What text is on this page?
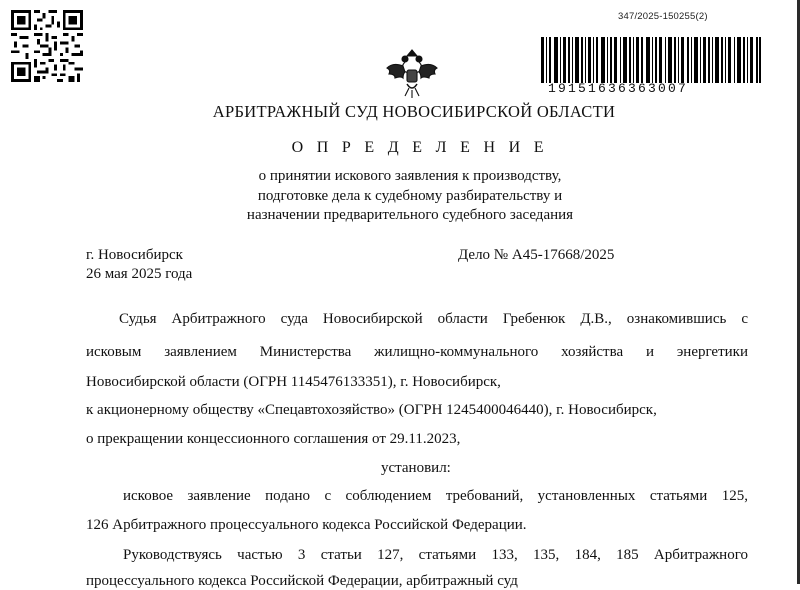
347/2025-150255(2)
19151636363007
АРБИТРАЖНЫЙ СУД НОВОСИБИРСКОЙ ОБЛАСТИ
О П Р Е Д Е Л Е Н И Е
о принятии искового заявления к производству,
подготовке дела к судебному разбирательству и
назначении предварительного судебного заседания
г. Новосибирск
26 мая 2025 года
Дело № А45-17668/2025
Судья Арбитражного суда Новосибирской области Гребенюк Д.В., ознакомившись с
исковым заявлением Министерства жилищно-коммунального хозяйства и энергетики
Новосибирской области (ОГРН 1145476133351), г. Новосибирск,
к акционерному обществу «Спецавтохозяйство» (ОГРН 1245400046440), г. Новосибирск,
о прекращении концессионного соглашения от 29.11.2023,
установил:
исковое заявление подано с соблюдением требований, установленных статьями 125,
126 Арбитражного процессуального кодекса Российской Федерации.
Руководствуясь частью 3 статьи 127, статьями 133, 135, 184, 185 Арбитражного
процессуального кодекса Российской Федерации, арбитражный суд
